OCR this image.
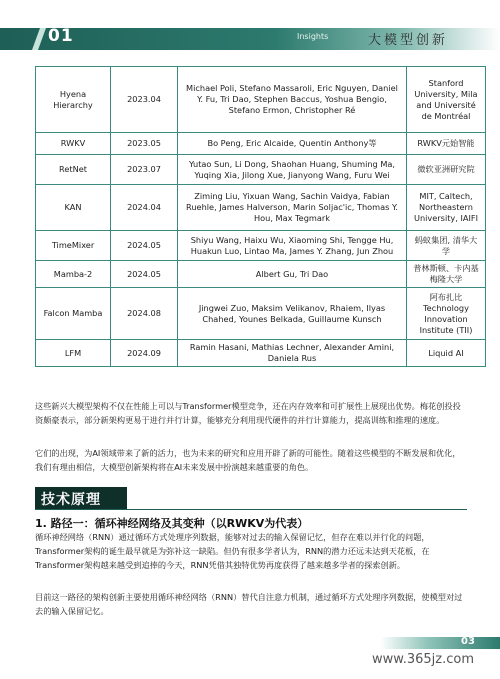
01	Insights	大模型创新
Hyena Hierarchy	2023.04	Michael Poli, Stefano Massaroli, Eric Nguyen, Daniel Y. Fu, Tri Dao, Stephen Baccus, Yoshua Bengio, Stefano Ermon, Christopher Ré	Stanford University, Mila and Université de Montréal
RWKV	2023.05	Bo Peng, Eric Alcaide, Quentin Anthony等	RWKV元始智能
RetNet	2023.07	Yutao Sun, Li Dong, Shaohan Huang, Shuming Ma, Yuqing Xia, Jilong Xue, Jianyong Wang, Furu Wei	微软亚洲研究院
KAN	2024.04	Ziming Liu, Yixuan Wang, Sachin Vaidya, Fabian Ruehle, James Halverson, Marin Soljac'ic, Thomas Y. Hou, Max Tegmark	MIT, Caltech, Northeastern University, IAIFI
TimeMixer	2024.05	Shiyu Wang, Haixu Wu, Xiaoming Shi, Tengge Hu, Huakun Luo, Lintao Ma, James Y. Zhang, Jun Zhou	蚂蚁集团, 清华大学
Mamba-2	2024.05	Albert Gu, Tri Dao	普林斯顿、卡内基梅隆大学
Falcon Mamba	2024.08	Jingwei Zuo, Maksim Velikanov, Rhaiem, Ilyas Chahed, Younes Belkada, Guillaume Kunsch	阿布扎比 Technology Innovation Institute (TII)
LFM	2024.09	Ramin Hasani, Mathias Lechner, Alexander Amini, Daniela Rus	Liquid AI

这些新兴大模型架构不仅在性能上可以与Transformer模型竞争，还在内存效率和可扩展性上展现出优势。梅花创投投资颇豪表示，部分新架构更易于进行并行计算，能够充分利用现代硬件的并行计算能力，提高训练和推理的速度。

它们的出现，为AI领域带来了新的活力，也为未来的研究和应用开辟了新的可能性。随着这些模型的不断发展和优化，我们有理由相信，大模型创新架构将在AI未来发展中扮演越来越重要的角色。

技术原理
1. 路径一：循环神经网络及其变种（以RWKV为代表）

循环神经网络（RNN）通过循环方式处理序列数据，能够对过去的输入保留记忆，但存在难以并行化的问题，Transformer架构的诞生最早就是为弥补这一缺陷。但仍有很多学者认为，RNN的潜力还远未达到天花板，在Transformer架构越来越受到追捧的今天，RNN凭借其独特优势再度获得了越来越多学者的探索创新。

目前这一路径的架构创新主要使用循环神经网络（RNN）替代自注意力机制，通过循环方式处理序列数据，使模型对过去的输入保留记忆。

03
www.365jz.com
